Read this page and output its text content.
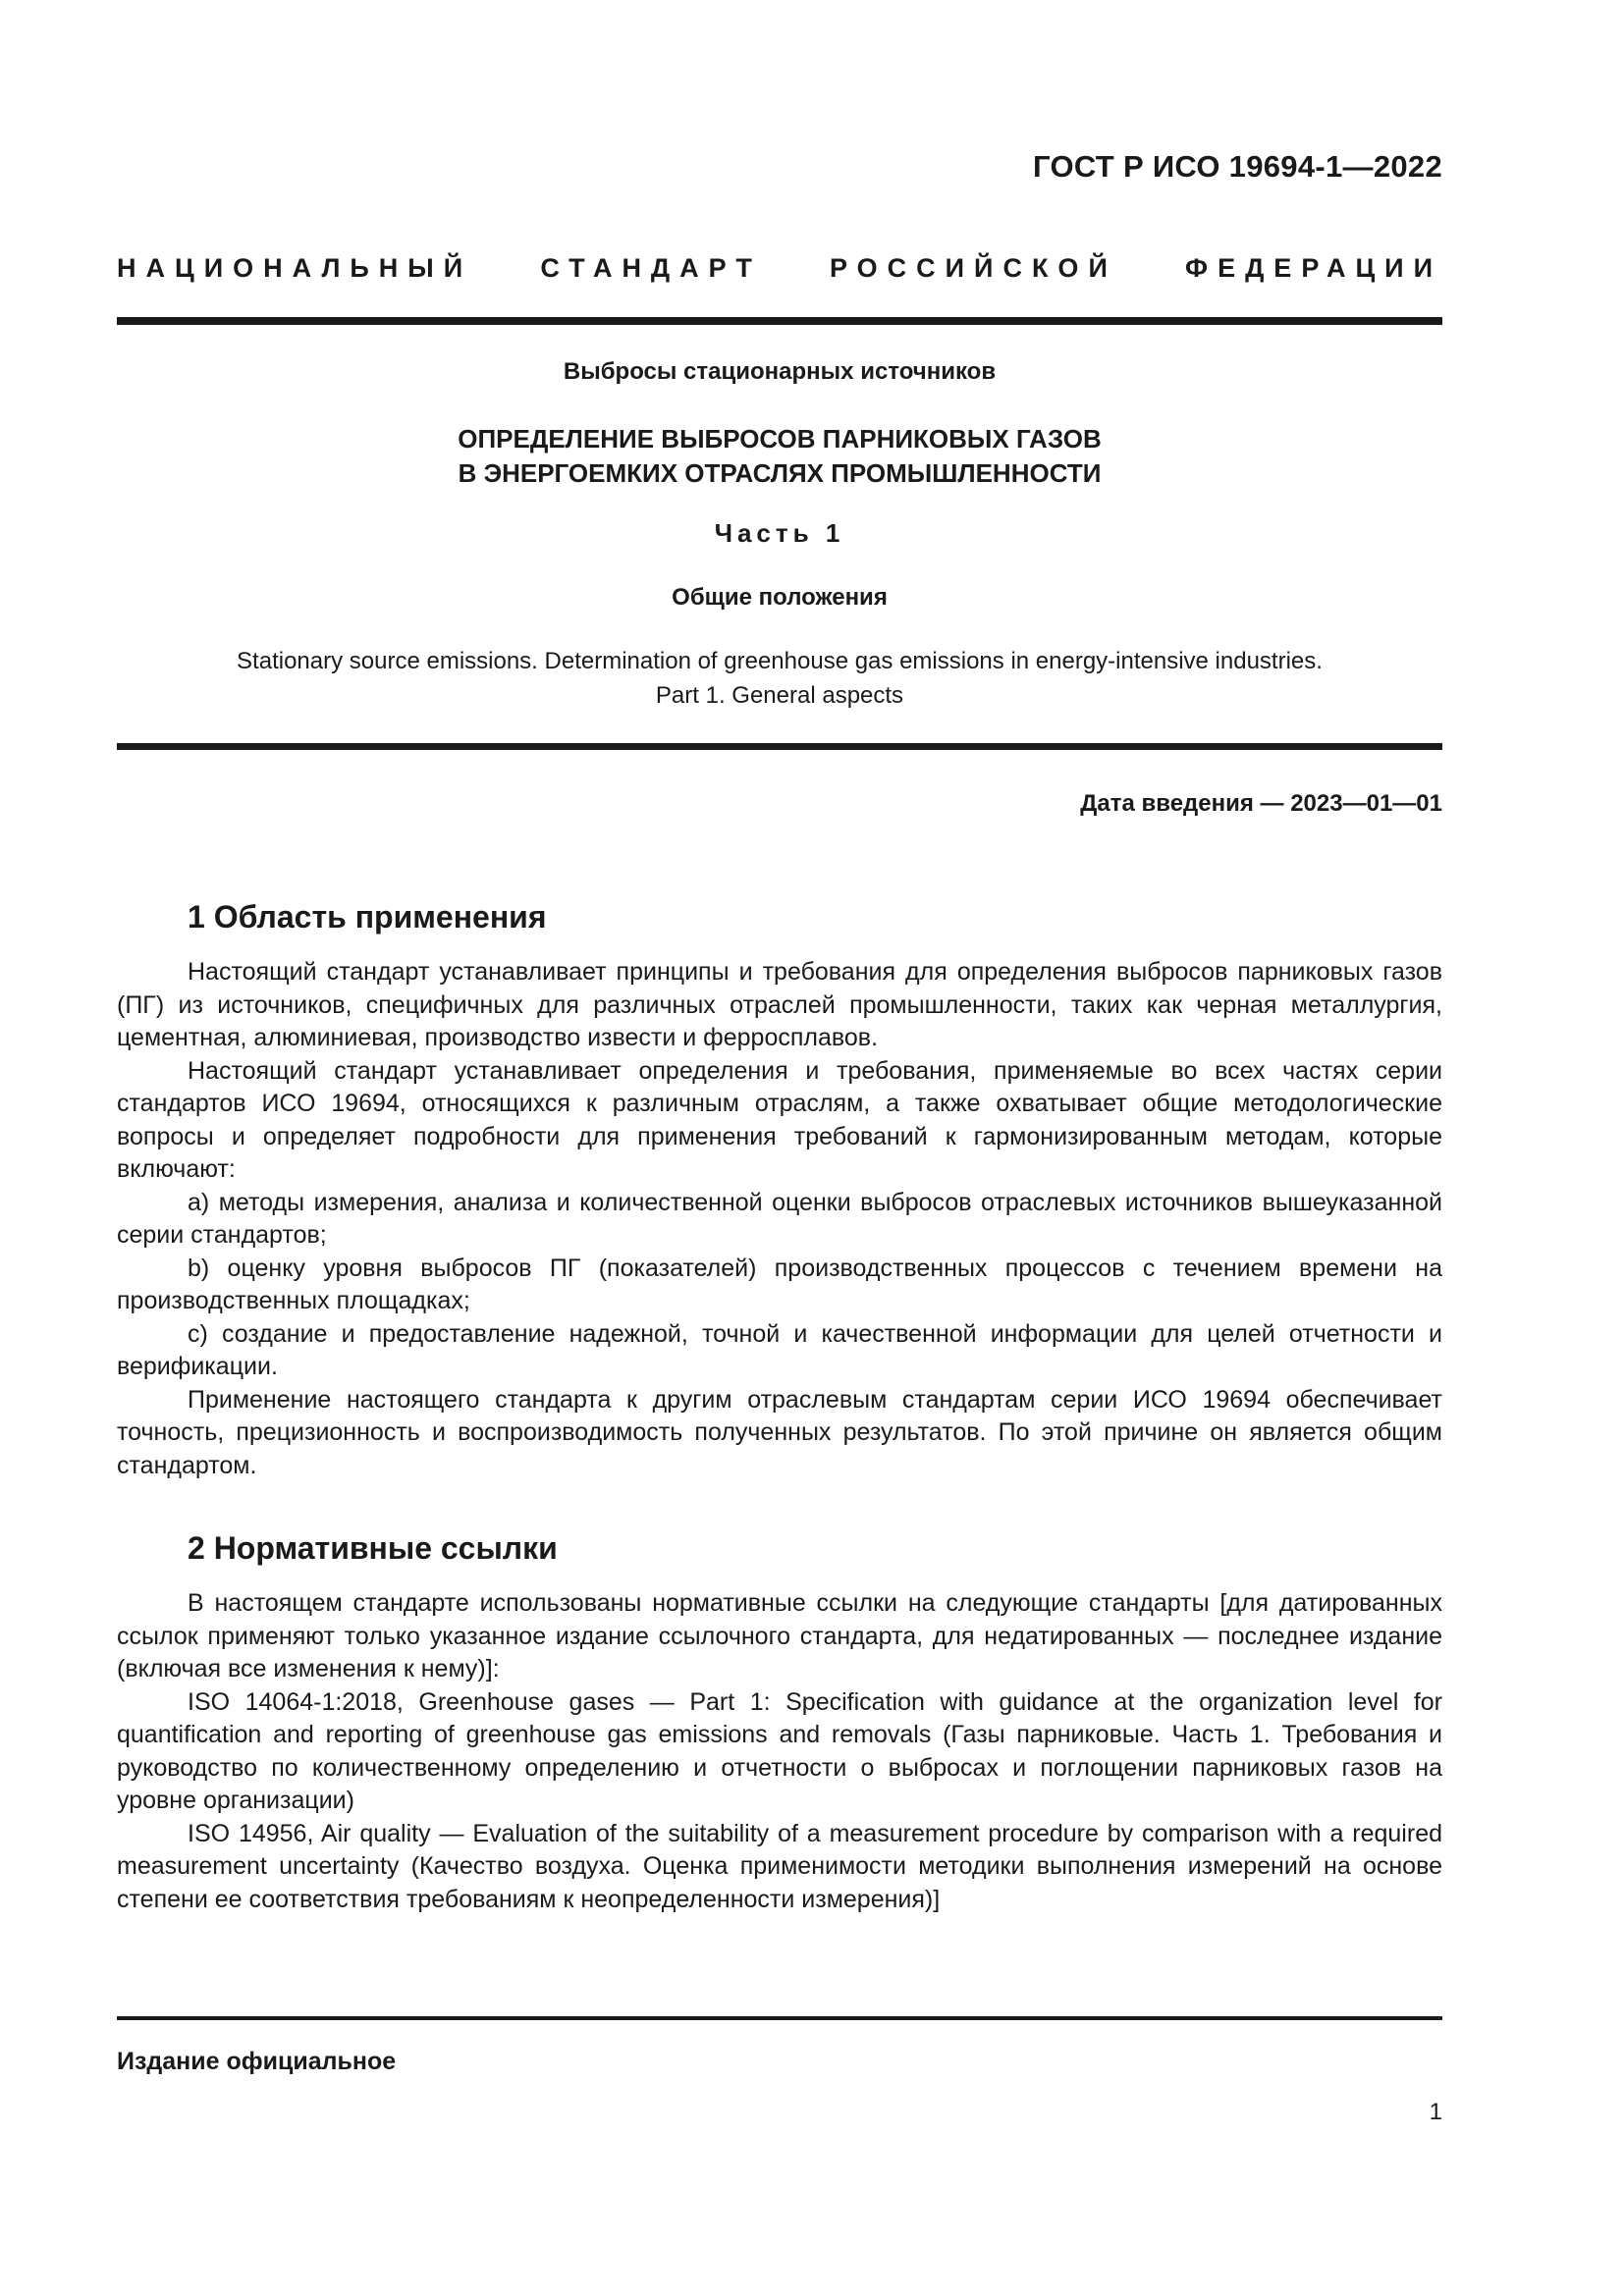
ГОСТ Р ИСО 19694-1—2022
НАЦИОНАЛЬНЫЙ СТАНДАРТ РОССИЙСКОЙ ФЕДЕРАЦИИ
Выбросы стационарных источников
ОПРЕДЕЛЕНИЕ ВЫБРОСОВ ПАРНИКОВЫХ ГАЗОВ
В ЭНЕРГОЕМКИХ ОТРАСЛЯХ ПРОМЫШЛЕННОСТИ
Часть 1
Общие положения
Stationary source emissions. Determination of greenhouse gas emissions in energy-intensive industries.
Part 1. General aspects
Дата введения — 2023—01—01
1 Область применения

Настоящий стандарт устанавливает принципы и требования для определения выбросов парниковых газов (ПГ) из источников, специфичных для различных отраслей промышленности, таких как черная металлургия, цементная, алюминиевая, производство извести и ферросплавов.

Настоящий стандарт устанавливает определения и требования, применяемые во всех частях серии стандартов ИСО 19694, относящихся к различным отраслям, а также охватывает общие методологические вопросы и определяет подробности для применения требований к гармонизированным методам, которые включают:

а) методы измерения, анализа и количественной оценки выбросов отраслевых источников вышеуказанной серии стандартов;

b) оценку уровня выбросов ПГ (показателей) производственных процессов с течением времени на производственных площадках;

c) создание и предоставление надежной, точной и качественной информации для целей отчетности и верификации.

Применение настоящего стандарта к другим отраслевым стандартам серии ИСО 19694 обеспечивает точность, прецизионность и воспроизводимость полученных результатов. По этой причине он является общим стандартом.

2 Нормативные ссылки

В настоящем стандарте использованы нормативные ссылки на следующие стандарты [для датированных ссылок применяют только указанное издание ссылочного стандарта, для недатированных — последнее издание (включая все изменения к нему)]:

ISO 14064-1:2018, Greenhouse gases — Part 1: Specification with guidance at the organization level for quantification and reporting of greenhouse gas emissions and removals (Газы парниковые. Часть 1. Требования и руководство по количественному определению и отчетности о выбросах и поглощении парниковых газов на уровне организации)

ISO 14956, Air quality — Evaluation of the suitability of a measurement procedure by comparison with a required measurement uncertainty (Качество воздуха. Оценка применимости методики выполнения измерений на основе степени ее соответствия требованиям к неопределенности измерения)]

Издание официальное
1
